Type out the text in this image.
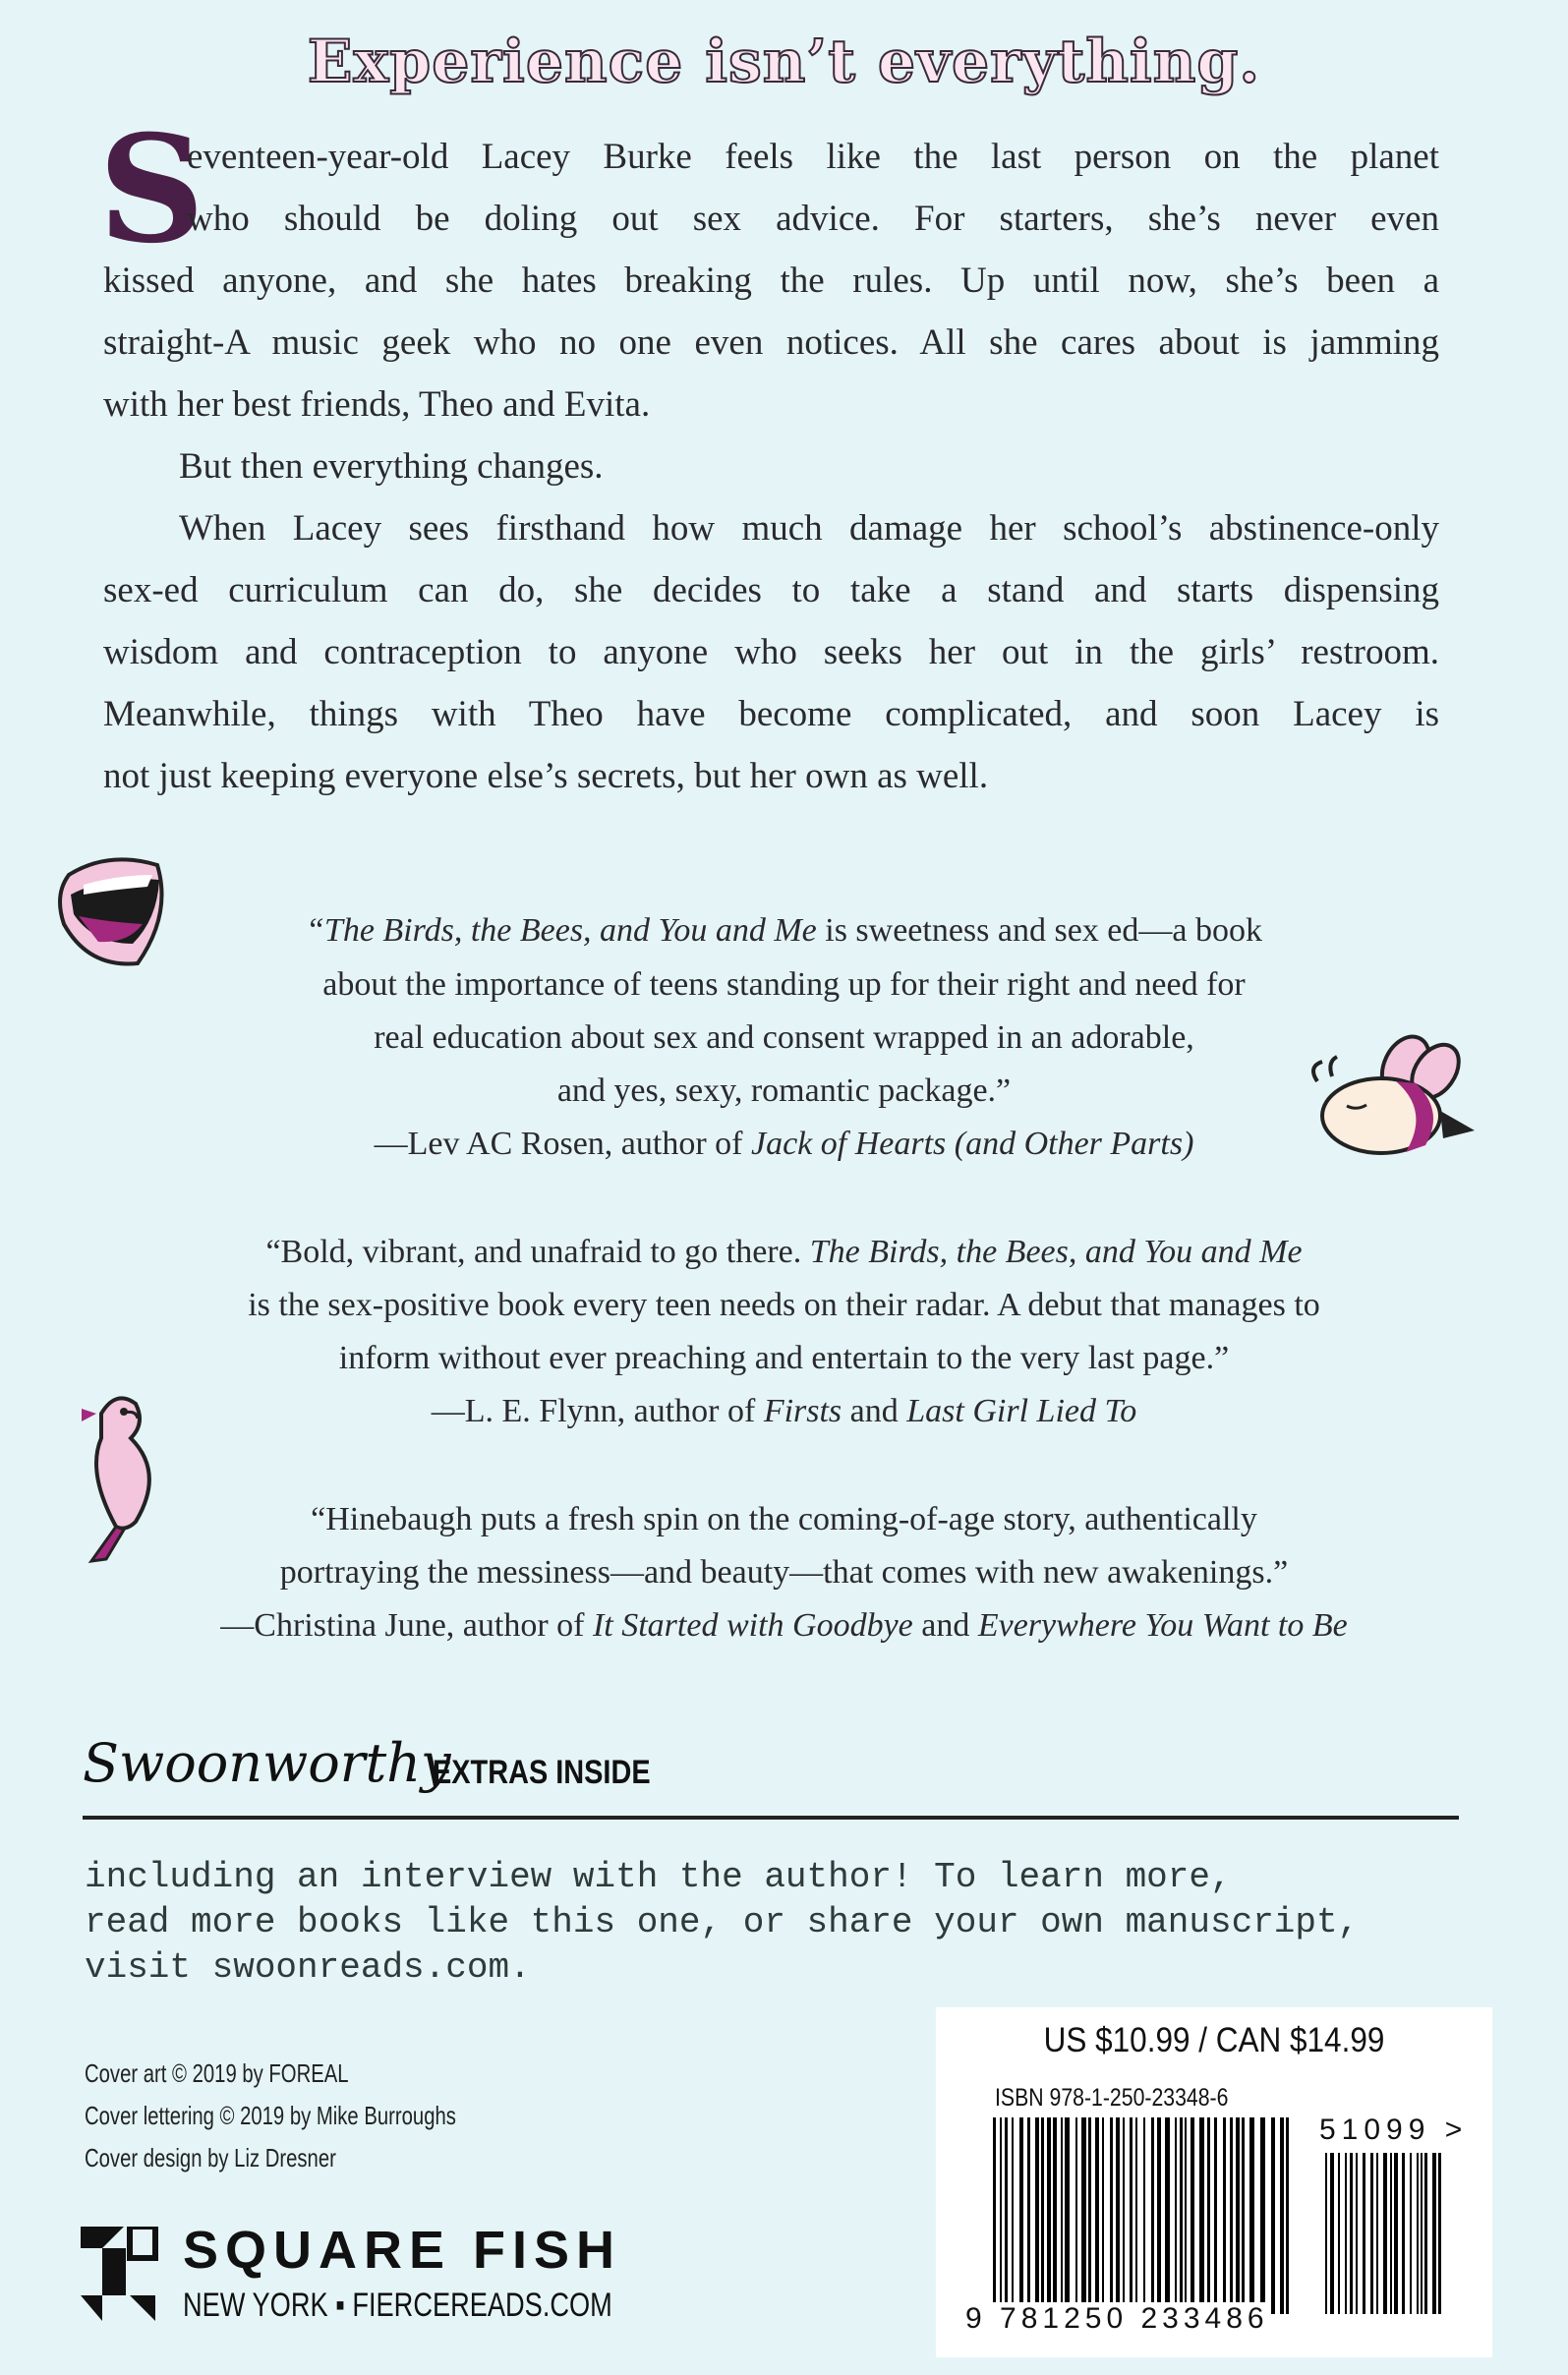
Experience isn’t everything.
S
eventeen-year-old Lacey Burke feels like the last person on the planet
who should be doling out sex advice. For starters, she’s never even
kissed anyone, and she hates breaking the rules. Up until now, she’s been a
straight-A music geek who no one even notices. All she cares about is jamming
with her best friends, Theo and Evita.
But then everything changes.
When Lacey sees firsthand how much damage her school’s abstinence-only
sex-ed curriculum can do, she decides to take a stand and starts dispensing
wisdom and contraception to anyone who seeks her out in the girls’ restroom.
Meanwhile, things with Theo have become complicated, and soon Lacey is
not just keeping everyone else’s secrets, but her own as well.
“The Birds, the Bees, and You and Me is sweetness and sex ed—a book
about the importance of teens standing up for their right and need for
real education about sex and consent wrapped in an adorable,
and yes, sexy, romantic package.”
—Lev AC Rosen, author of Jack of Hearts (and Other Parts)
“Bold, vibrant, and unafraid to go there. The Birds, the Bees, and You and Me
is the sex-positive book every teen needs on their radar. A debut that manages to
inform without ever preaching and entertain to the very last page.”
—L. E. Flynn, author of Firsts and Last Girl Lied To
“Hinebaugh puts a fresh spin on the coming-of-age story, authentically
portraying the messiness—and beauty—that comes with new awakenings.”
—Christina June, author of It Started with Goodbye and Everywhere You Want to Be
Swoonworthy
EXTRAS INSIDE
including an interview with the author! To learn more,
read more books like this one, or share your own manuscript,
visit swoonreads.com.
Cover art © 2019 by FOREAL
Cover lettering © 2019 by Mike Burroughs
Cover design by Liz Dresner
SQUARE FISH
NEW YORK ▪ FIERCEREADS.COM
US $10.99 / CAN $14.99
ISBN 978-1-250-23348-6
51099 >
9 781250 233486
